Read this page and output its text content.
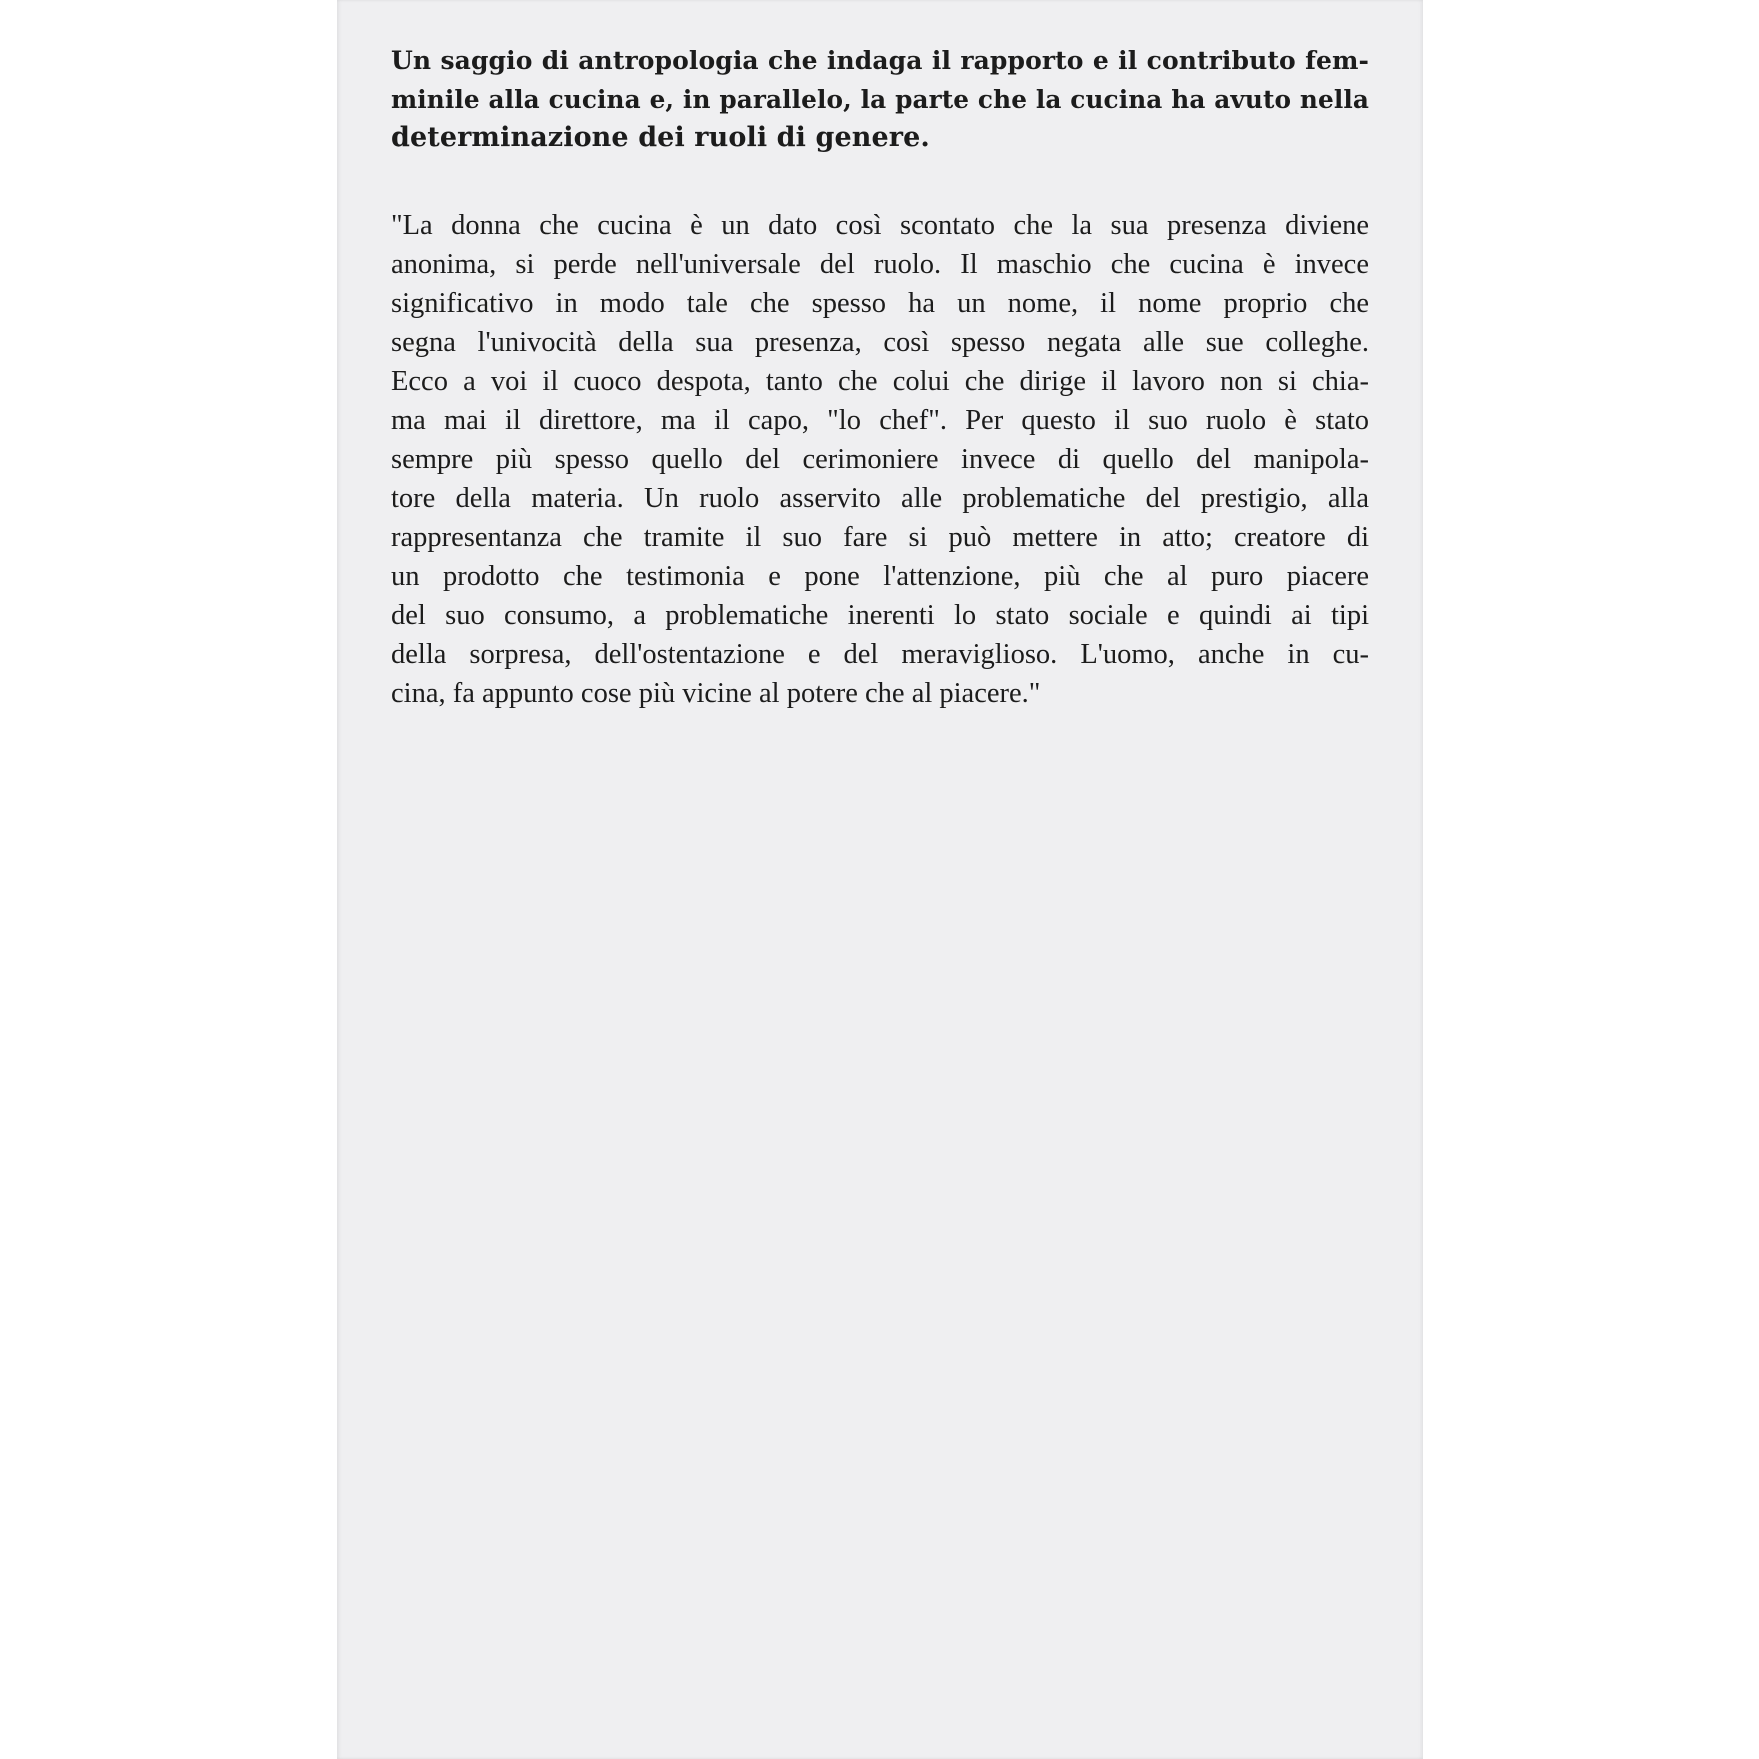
Un saggio di antropologia che indaga il rapporto e il contributo fem-
minile alla cucina e, in parallelo, la parte che la cucina ha avuto nella
determinazione dei ruoli di genere.

"La donna che cucina è un dato così scontato che la sua presenza diviene
anonima, si perde nell'universale del ruolo. Il maschio che cucina è invece
significativo in modo tale che spesso ha un nome, il nome proprio che
segna l'univocità della sua presenza, così spesso negata alle sue colleghe.
Ecco a voi il cuoco despota, tanto che colui che dirige il lavoro non si chia-
ma mai il direttore, ma il capo, "lo chef". Per questo il suo ruolo è stato
sempre più spesso quello del cerimoniere invece di quello del manipola-
tore della materia. Un ruolo asservito alle problematiche del prestigio, alla
rappresentanza che tramite il suo fare si può mettere in atto; creatore di
un prodotto che testimonia e pone l'attenzione, più che al puro piacere
del suo consumo, a problematiche inerenti lo stato sociale e quindi ai tipi
della sorpresa, dell'ostentazione e del meraviglioso. L'uomo, anche in cu-
cina, fa appunto cose più vicine al potere che al piacere."
